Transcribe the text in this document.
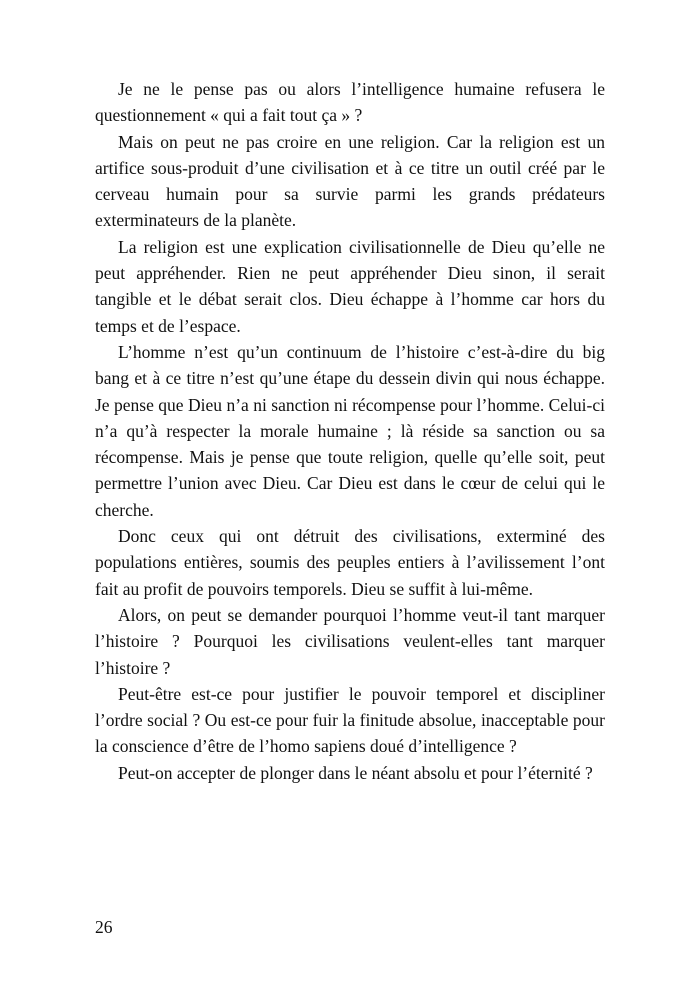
Je ne le pense pas ou alors l’intelligence humaine refusera le questionnement « qui a fait tout ça » ?

Mais on peut ne pas croire en une religion. Car la religion est un artifice sous-produit d’une civilisation et à ce titre un outil créé par le cerveau humain pour sa survie parmi les grands prédateurs exterminateurs de la planète.

La religion est une explication civilisationnelle de Dieu qu’elle ne peut appréhender. Rien ne peut appréhender Dieu sinon, il serait tangible et le débat serait clos. Dieu échappe à l’homme car hors du temps et de l’espace.

L’homme n’est qu’un continuum de l’histoire c’est-à-dire du big bang et à ce titre n’est qu’une étape du dessein divin qui nous échappe. Je pense que Dieu n’a ni sanction ni récompense pour l’homme. Celui-ci n’a qu’à respecter la morale humaine ; là réside sa sanction ou sa récompense. Mais je pense que toute religion, quelle qu’elle soit, peut permettre l’union avec Dieu. Car Dieu est dans le cœur de celui qui le cherche.

Donc ceux qui ont détruit des civilisations, exterminé des populations entières, soumis des peuples entiers à l’avilissement l’ont fait au profit de pouvoirs temporels. Dieu se suffit à lui-même.

Alors, on peut se demander pourquoi l’homme veut-il tant marquer l’histoire ? Pourquoi les civilisations veulent-elles tant marquer l’histoire ?

Peut-être est-ce pour justifier le pouvoir temporel et discipliner l’ordre social ? Ou est-ce pour fuir la finitude absolue, inacceptable pour la conscience d’être de l’homo sapiens doué d’intelligence ?

Peut-on accepter de plonger dans le néant absolu et pour l’éternité ?

26
